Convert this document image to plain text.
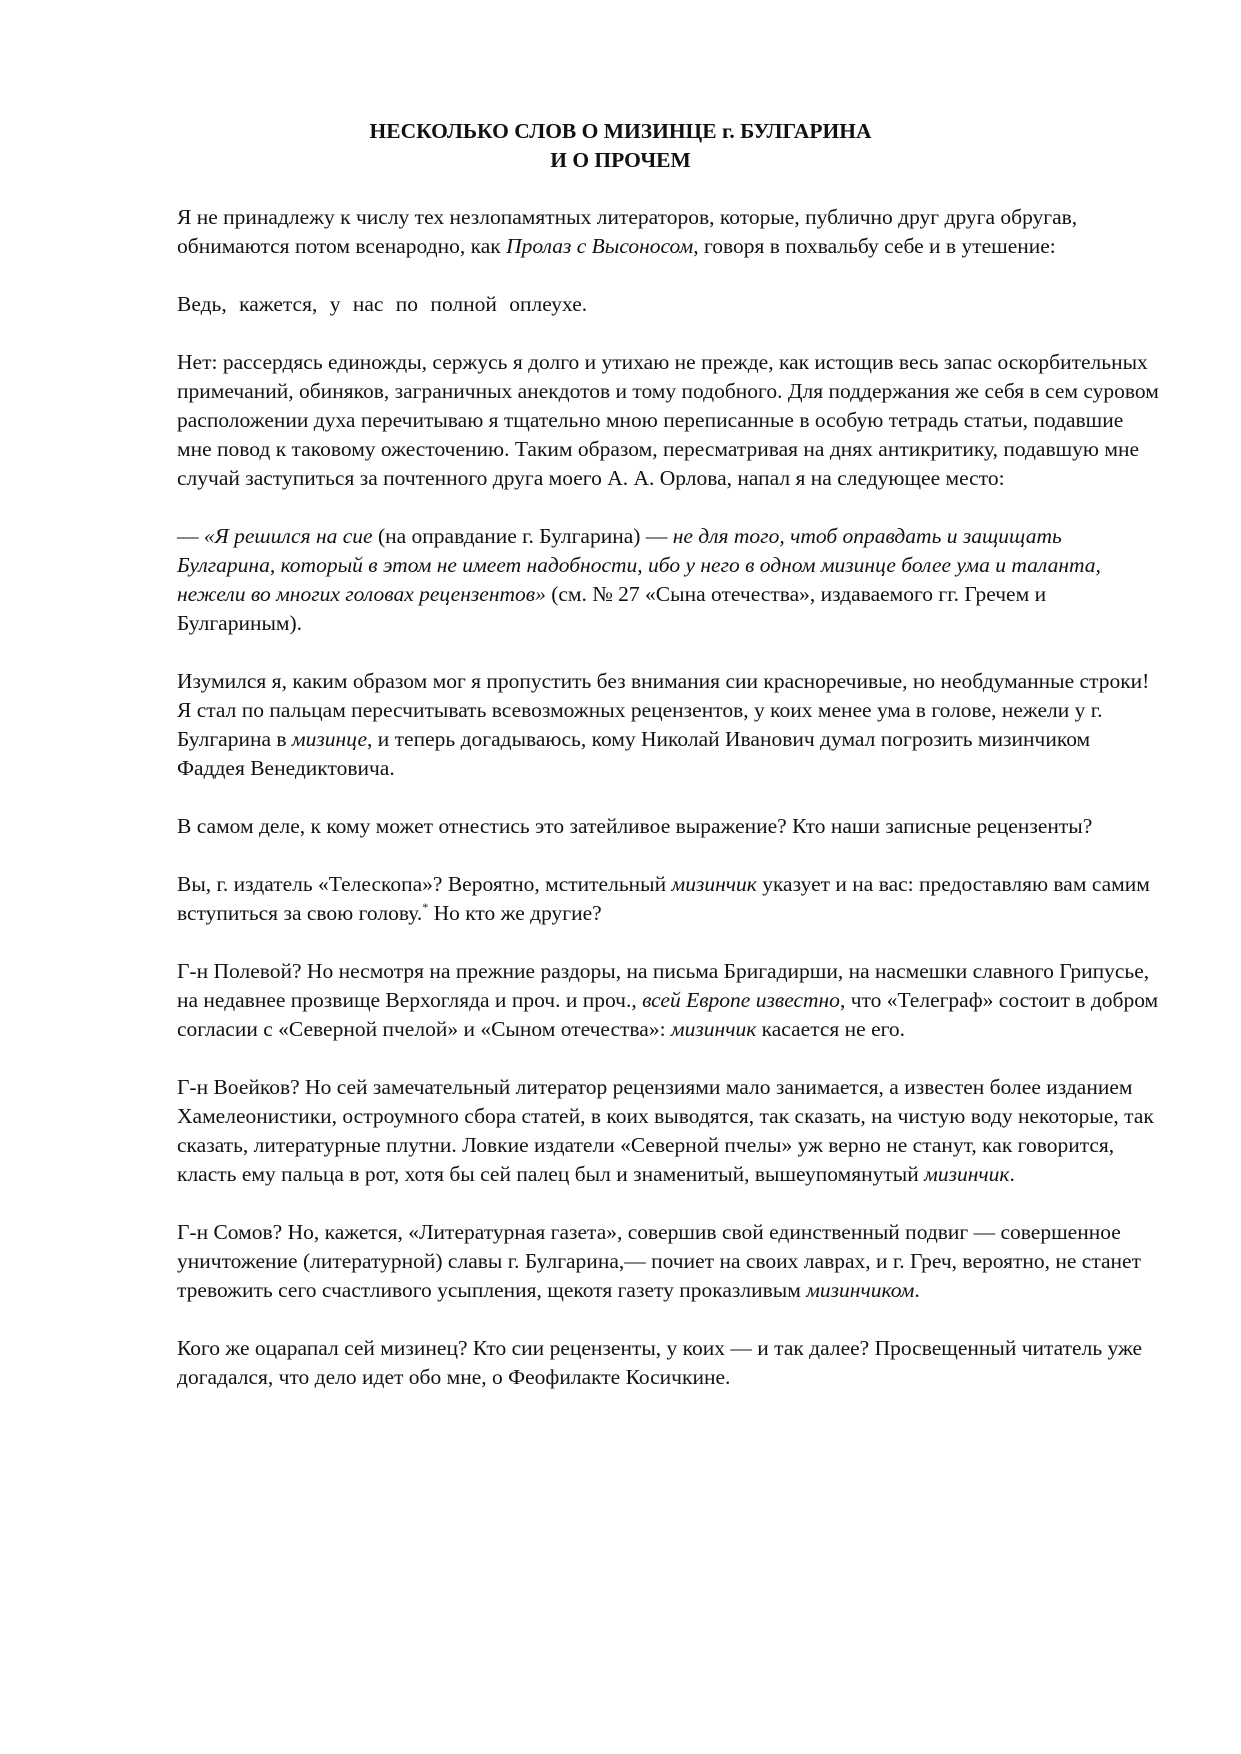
НЕСКОЛЬКО СЛОВ О МИЗИНЦЕ г. БУЛГАРИНА
И О ПРОЧЕМ

Я не принадлежу к числу тех незлопамятных литераторов, которые, публично друг друга обругав, обнимаются потом всенародно, как Пролаз с Высоносом, говоря в похвальбу себе и в утешение:

Ведь, кажется, у нас по полной оплеухе.

Нет: рассердясь единожды, сержусь я долго и утихаю не прежде, как истощив весь запас оскорбительных примечаний, обиняков, заграничных анекдотов и тому подобного. Для поддержания же себя в сем суровом расположении духа перечитываю я тщательно мною переписанные в особую тетрадь статьи, подавшие мне повод к таковому ожесточению. Таким образом, пересматривая на днях антикритику, подавшую мне случай заступиться за почтенного друга моего А. А. Орлова, напал я на следующее место:

— «Я решился на сие (на оправдание г. Булгарина) — не для того, чтоб оправдать и защищать Булгарина, который в этом не имеет надобности, ибо у него в одном мизинце более ума и таланта, нежели во многих головах рецензентов» (см. № 27 «Сына отечества», издаваемого гг. Гречем и Булгариным).

Изумился я, каким образом мог я пропустить без внимания сии красноречивые, но необдуманные строки! Я стал по пальцам пересчитывать всевозможных рецензентов, у коих менее ума в голове, нежели у г. Булгарина в мизинце, и теперь догадываюсь, кому Николай Иванович думал погрозить мизинчиком Фаддея Венедиктовича.

В самом деле, к кому может отнестись это затейливое выражение? Кто наши записные рецензенты?

Вы, г. издатель «Телескопа»? Вероятно, мстительный мизинчик указует и на вас: предоставляю вам самим вступиться за свою голову.* Но кто же другие?

Г-н Полевой? Но несмотря на прежние раздоры, на письма Бригадирши, на насмешки славного Грипусье, на недавнее прозвище Верхогляда и проч. и проч., всей Европе известно, что «Телеграф» состоит в добром согласии с «Северной пчелой» и «Сыном отечества»: мизинчик касается не его.

Г-н Воейков? Но сей замечательный литератор рецензиями мало занимается, а известен более изданием Хамелеонистики, остроумного сбора статей, в коих выводятся, так сказать, на чистую воду некоторые, так сказать, литературные плутни. Ловкие издатели «Северной пчелы» уж верно не станут, как говорится, класть ему пальца в рот, хотя бы сей палец был и знаменитый, вышеупомянутый мизинчик.

Г-н Сомов? Но, кажется, «Литературная газета», совершив свой единственный подвиг — совершенное уничтожение (литературной) славы г. Булгарина,— почиет на своих лаврах, и г. Греч, вероятно, не станет тревожить сего счастливого усыпления, щекотя газету проказливым мизинчиком.

Кого же оцарапал сей мизинец? Кто сии рецензенты, у коих — и так далее? Просвещенный читатель уже догадался, что дело идет обо мне, о Феофилакте Косичкине.
